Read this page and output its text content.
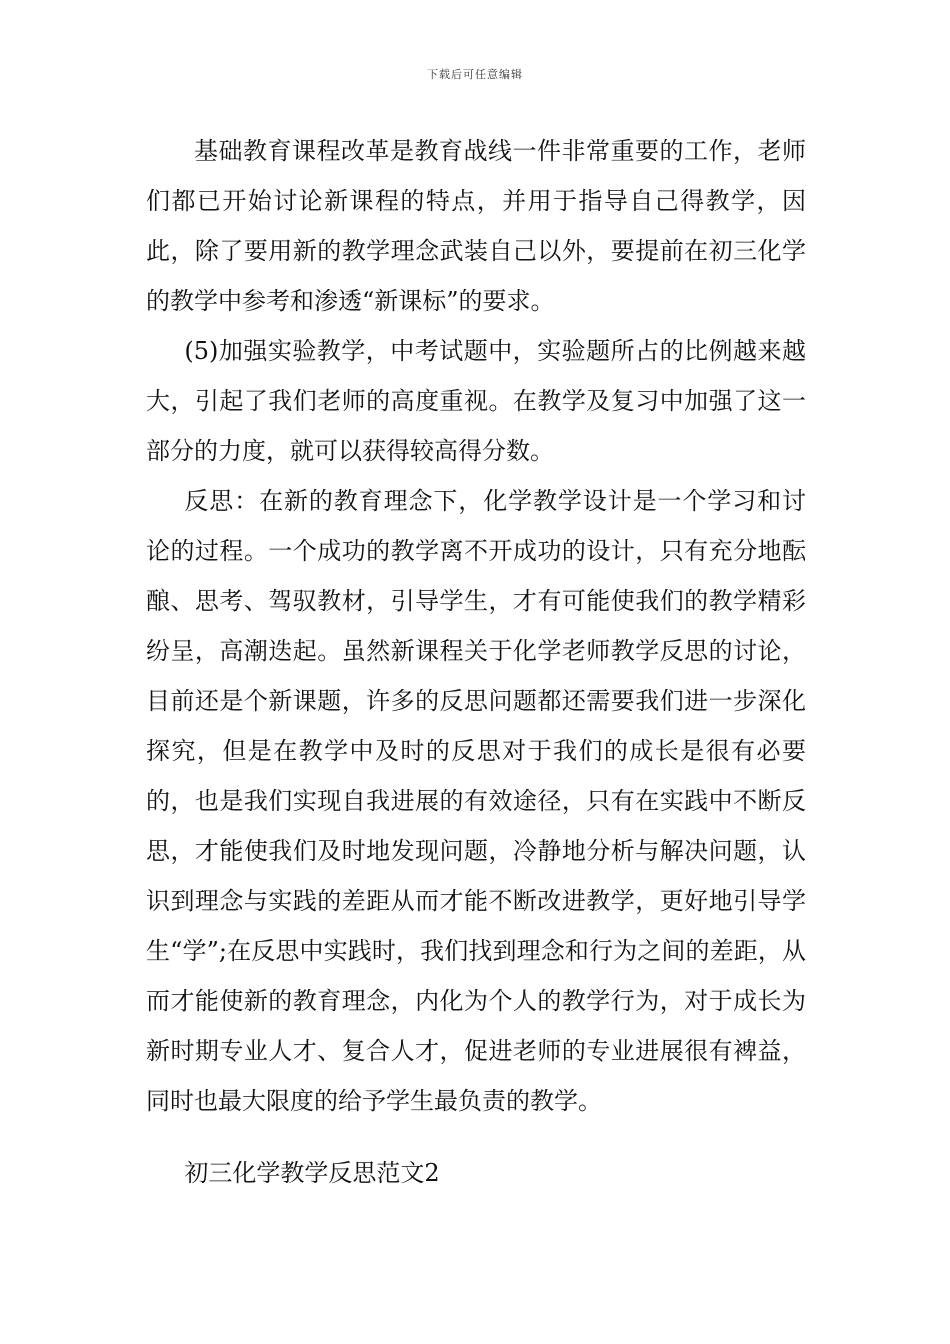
下载后可任意编辑

基础教育课程改革是教育战线一件非常重要的工作，老师们都已开始讨论新课程的特点，并用于指导自己得教学，因此，除了要用新的教学理念武装自己以外，要提前在初三化学的教学中参考和渗透“新课标”的要求。

(5)加强实验教学，中考试题中，实验题所占的比例越来越大，引起了我们老师的高度重视。在教学及复习中加强了这一部分的力度，就可以获得较高得分数。

反思：在新的教育理念下，化学教学设计是一个学习和讨论的过程。一个成功的教学离不开成功的设计，只有充分地酝酿、思考、驾驭教材，引导学生，才有可能使我们的教学精彩纷呈，高潮迭起。虽然新课程关于化学老师教学反思的讨论，目前还是个新课题，许多的反思问题都还需要我们进一步深化探究，但是在教学中及时的反思对于我们的成长是很有必要的，也是我们实现自我进展的有效途径，只有在实践中不断反思，才能使我们及时地发现问题，冷静地分析与解决问题，认识到理念与实践的差距从而才能不断改进教学，更好地引导学生“学”;在反思中实践时，我们找到理念和行为之间的差距，从而才能使新的教育理念，内化为个人的教学行为，对于成长为新时期专业人才、复合人才，促进老师的专业进展很有裨益，同时也最大限度的给予学生最负责的教学。

初三化学教学反思范文2
